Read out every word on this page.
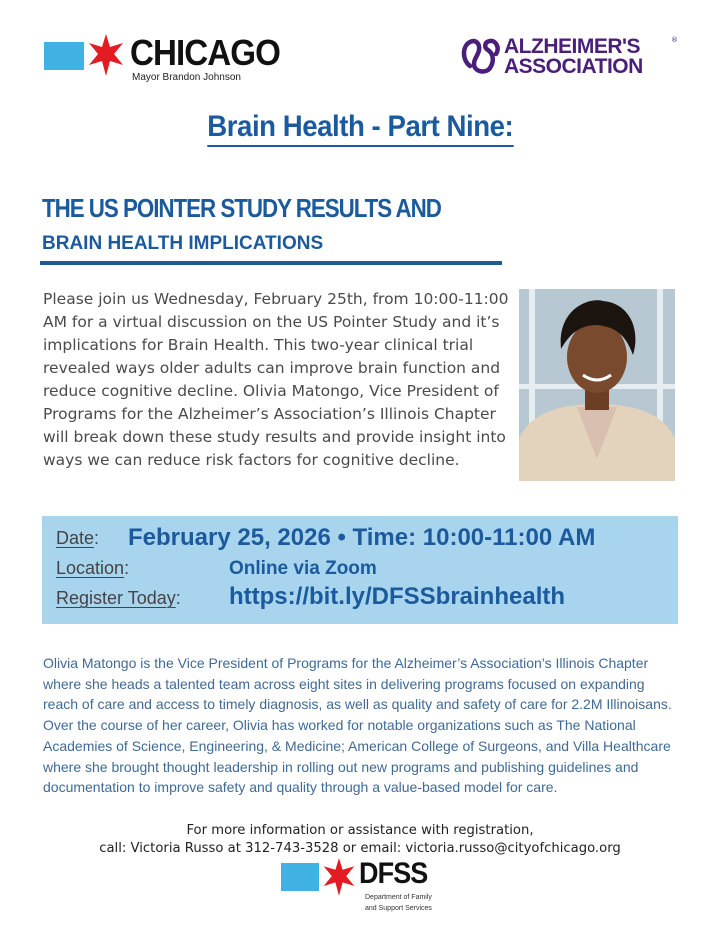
CHICAGO
Mayor Brandon Johnson
ALZHEIMER'S
ASSOCIATION
®
Brain Health - Part Nine:
THE US POINTER STUDY RESULTS AND
BRAIN HEALTH IMPLICATIONS
Please join us Wednesday, February 25th, from 10:00-11:00 AM for a virtual discussion on the US Pointer Study and it’s implications for Brain Health. This two-year clinical trial revealed ways older adults can improve brain function and reduce cognitive decline. Olivia Matongo, Vice President of Programs for the Alzheimer’s Association’s Illinois Chapter will break down these study results and provide insight into ways we can reduce risk factors for cognitive decline.
Date: February 25, 2026 • Time: 10:00-11:00 AM
Location:	Online via Zoom
Register Today: https://bit.ly/DFSSbrainhealth
Olivia Matongo is the Vice President of Programs for the Alzheimer’s Association’s Illinois Chapter where she heads a talented team across eight sites in delivering programs focused on expanding reach of care and access to timely diagnosis, as well as quality and safety of care for 2.2M Illinoisans. Over the course of her career, Olivia has worked for notable organizations such as The National Academies of Science, Engineering, & Medicine; American College of Surgeons, and Villa Healthcare where she brought thought leadership in rolling out new programs and publishing guidelines and documentation to improve safety and quality through a value-based model for care.
For more information or assistance with registration,
call: Victoria Russo at 312-743-3528 or email: victoria.russo@cityofchicago.org
DFSS
Department of Family
and Support Services
